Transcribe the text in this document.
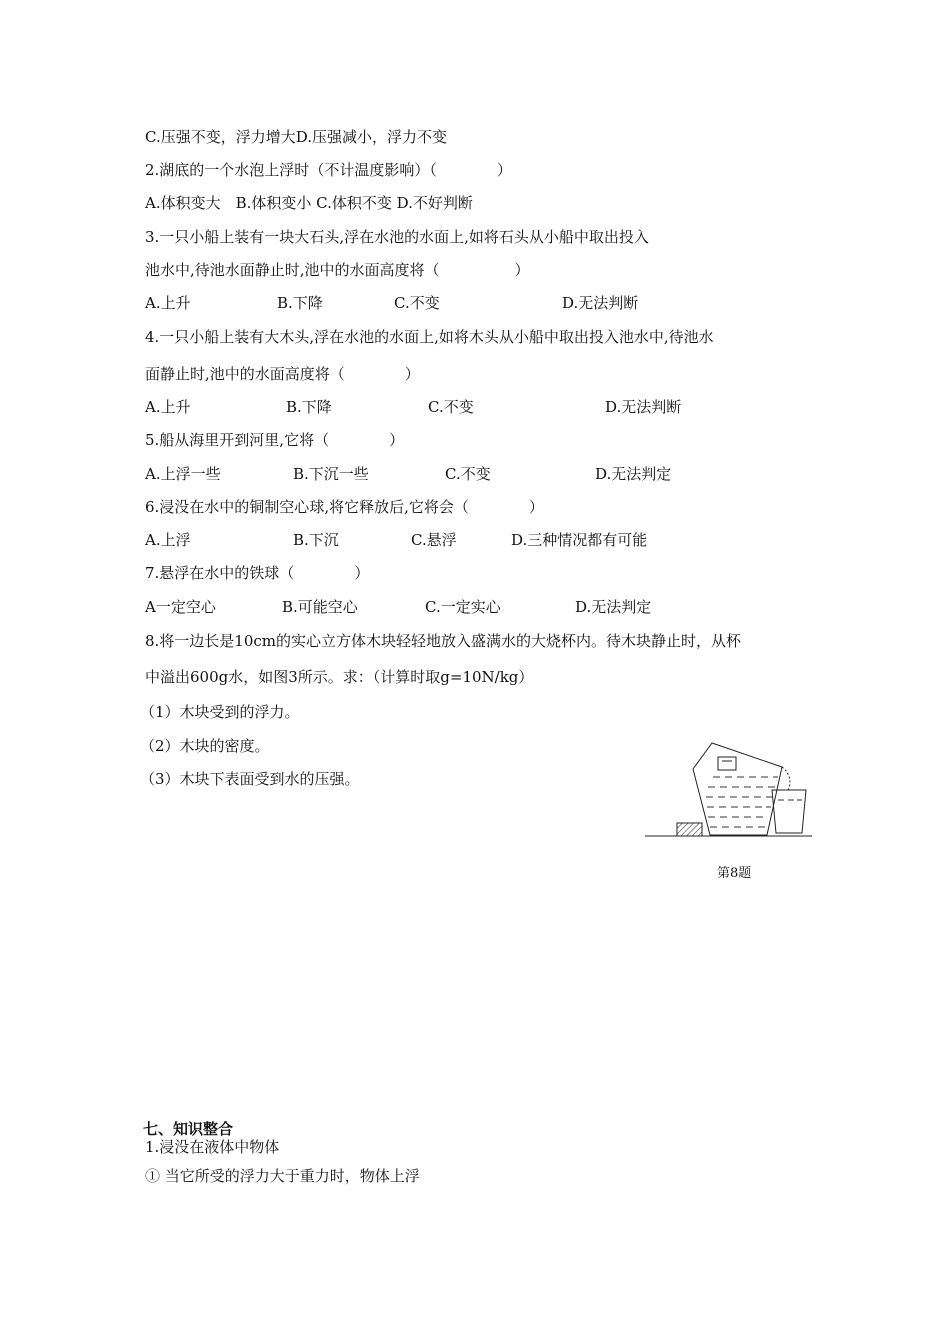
C.压强不变，浮力增大D.压强减小，浮力不变
2.湖底的一个水泡上浮时（不计温度影响）（　　　　）
A.体积变大　B.体积变小 C.体积不变 D.不好判断
3.一只小船上装有一块大石头,浮在水池的水面上,如将石头从小船中取出投入
池水中,待池水面静止时,池中的水面高度将（　　　　　）
A.上升	B.下降	C.不变	D.无法判断
4.一只小船上装有大木头,浮在水池的水面上,如将木头从小船中取出投入池水中,待池水
面静止时,池中的水面高度将（　　　　）
A.上升	B.下降	C.不变	D.无法判断
5.船从海里开到河里,它将（　　　　）
A.上浮一些	B.下沉一些	C.不变	D.无法判定
6.浸没在水中的铜制空心球,将它释放后,它将会（　　　　）
A.上浮	B.下沉	C.悬浮	D.三种情况都有可能
7.悬浮在水中的铁球（　　　　）
A一定空心	B.可能空心	C.一定实心	D.无法判定
8.将一边长是10cm的实心立方体木块轻轻地放入盛满水的大烧杯内。待木块静止时，从杯
中溢出600g水，如图3所示。求：（计算时取g=10N/kg）
（1）木块受到的浮力。
（2）木块的密度。
（3）木块下表面受到水的压强。
第8题
七、知识整合
1.浸没在液体中物体
① 当它所受的浮力大于重力时，物体上浮
